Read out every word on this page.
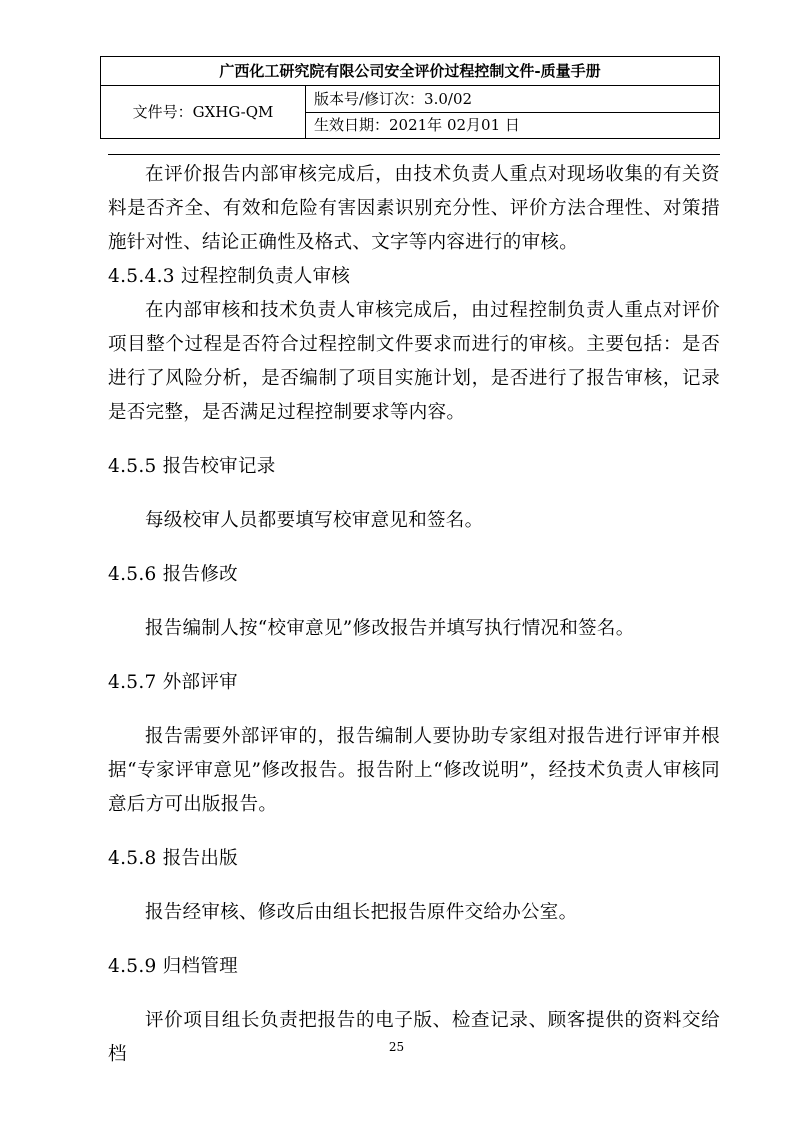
广西化工研究院有限公司安全评价过程控制文件-质量手册
文件号：GXHG-QM	版本号/修订次：3.0/02
生效日期：2021年 02月01 日

在评价报告内部审核完成后，由技术负责人重点对现场收集的有关资料是否齐全、有效和危险有害因素识别充分性、评价方法合理性、对策措施针对性、结论正确性及格式、文字等内容进行的审核。

4.5.4.3 过程控制负责人审核

在内部审核和技术负责人审核完成后，由过程控制负责人重点对评价项目整个过程是否符合过程控制文件要求而进行的审核。主要包括：是否进行了风险分析，是否编制了项目实施计划，是否进行了报告审核，记录是否完整，是否满足过程控制要求等内容。

4.5.5 报告校审记录

每级校审人员都要填写校审意见和签名。

4.5.6 报告修改

报告编制人按“校审意见”修改报告并填写执行情况和签名。

4.5.7 外部评审

报告需要外部评审的，报告编制人要协助专家组对报告进行评审并根据“专家评审意见”修改报告。报告附上“修改说明”，经技术负责人审核同意后方可出版报告。

4.5.8 报告出版

报告经审核、修改后由组长把报告原件交给办公室。

4.5.9 归档管理

评价项目组长负责把报告的电子版、检查记录、顾客提供的资料交给档	25
